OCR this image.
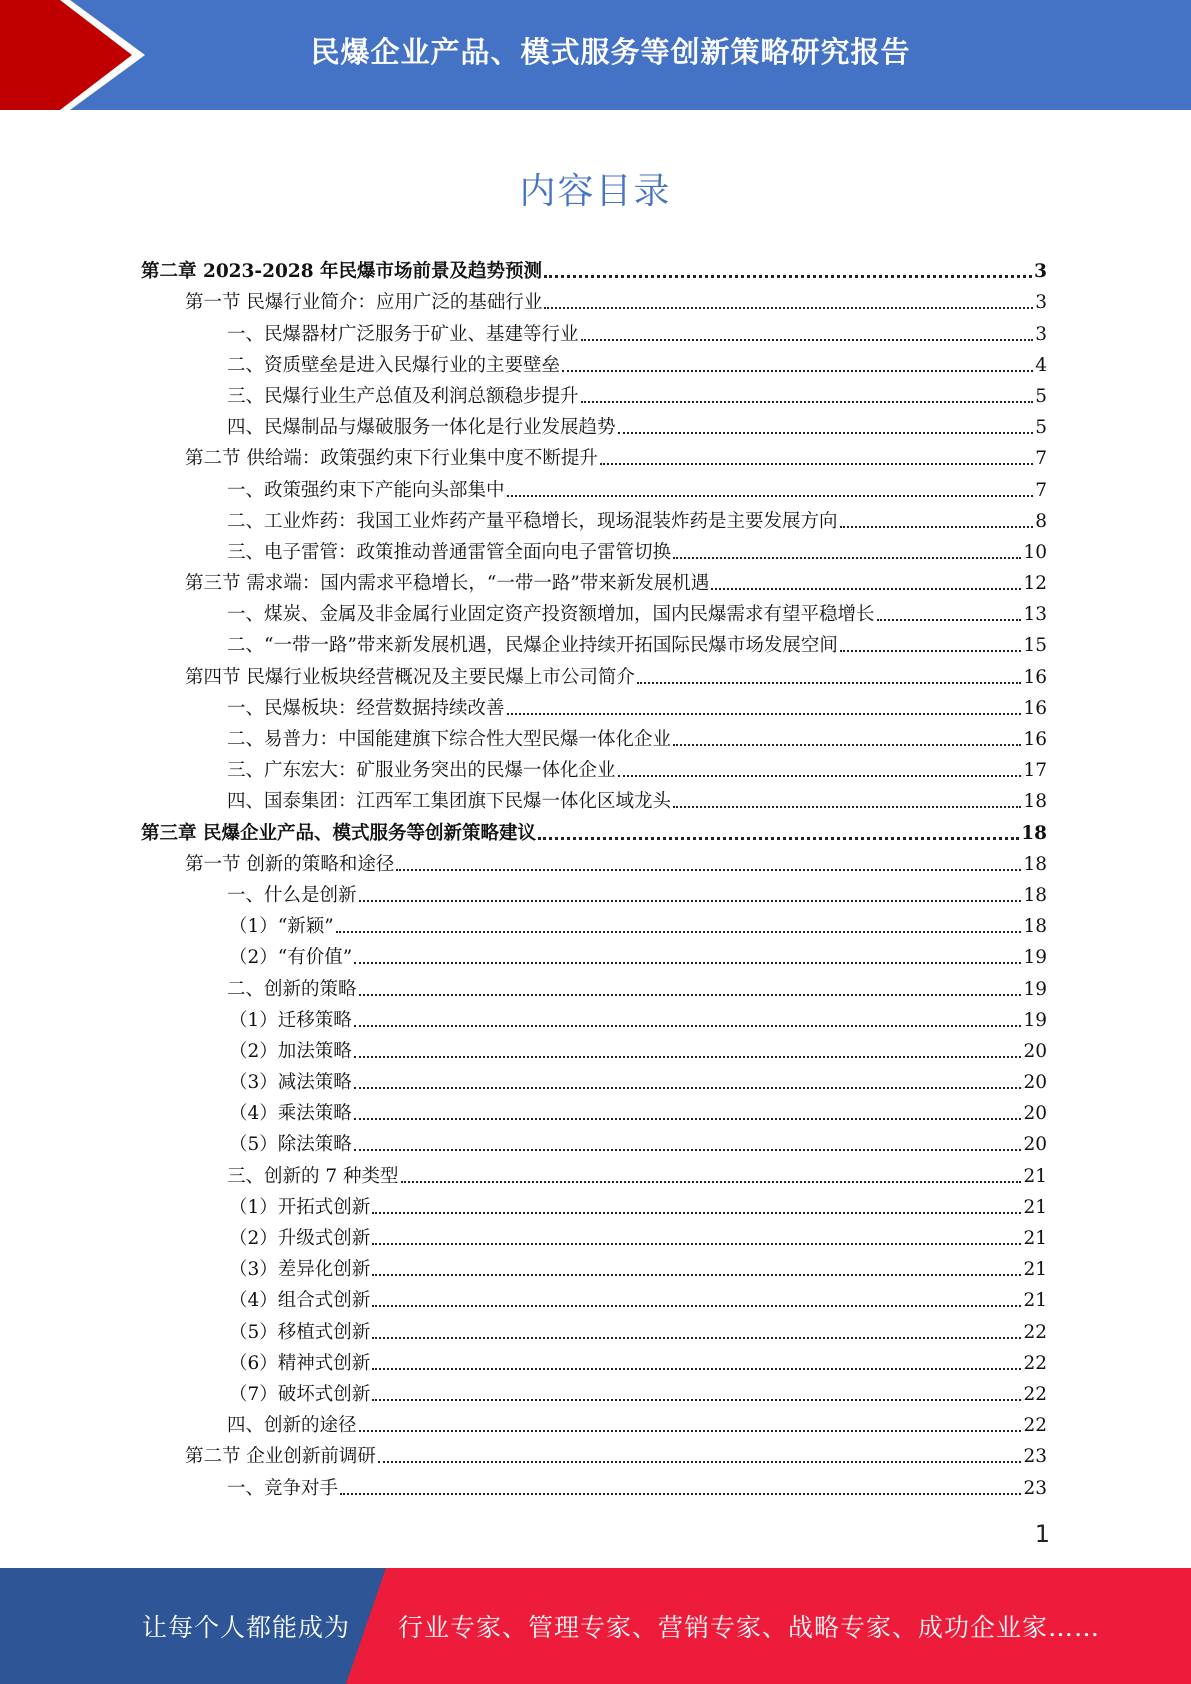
民爆企业产品、模式服务等创新策略研究报告
内容目录
第二章 2023-2028 年民爆市场前景及趋势预测	3
第一节 民爆行业简介：应用广泛的基础行业	3
一、民爆器材广泛服务于矿业、基建等行业	3
二、资质壁垒是进入民爆行业的主要壁垒	4
三、民爆行业生产总值及利润总额稳步提升	5
四、民爆制品与爆破服务一体化是行业发展趋势	5
第二节 供给端：政策强约束下行业集中度不断提升	7
一、政策强约束下产能向头部集中	7
二、工业炸药：我国工业炸药产量平稳增长，现场混装炸药是主要发展方向	8
三、电子雷管：政策推动普通雷管全面向电子雷管切换	10
第三节 需求端：国内需求平稳增长，“一带一路”带来新发展机遇	12
一、煤炭、金属及非金属行业固定资产投资额增加，国内民爆需求有望平稳增长	13
二、“一带一路”带来新发展机遇，民爆企业持续开拓国际民爆市场发展空间	15
第四节 民爆行业板块经营概况及主要民爆上市公司简介	16
一、民爆板块：经营数据持续改善	16
二、易普力：中国能建旗下综合性大型民爆一体化企业	16
三、广东宏大：矿服业务突出的民爆一体化企业	17
四、国泰集团：江西军工集团旗下民爆一体化区域龙头	18
第三章 民爆企业产品、模式服务等创新策略建议	18
第一节 创新的策略和途径	18
一、什么是创新	18
（1）“新颖”	18
（2）“有价值”	19
二、创新的策略	19
（1）迁移策略	19
（2）加法策略	20
（3）减法策略	20
（4）乘法策略	20
（5）除法策略	20
三、创新的 7 种类型	21
（1）开拓式创新	21
（2）升级式创新	21
（3）差异化创新	21
（4）组合式创新	21
（5）移植式创新	22
（6）精神式创新	22
（7）破坏式创新	22
四、创新的途径	22
第二节 企业创新前调研	23
一、竞争对手	23
1
让每个人都能成为 行业专家、管理专家、营销专家、战略专家、成功企业家……
